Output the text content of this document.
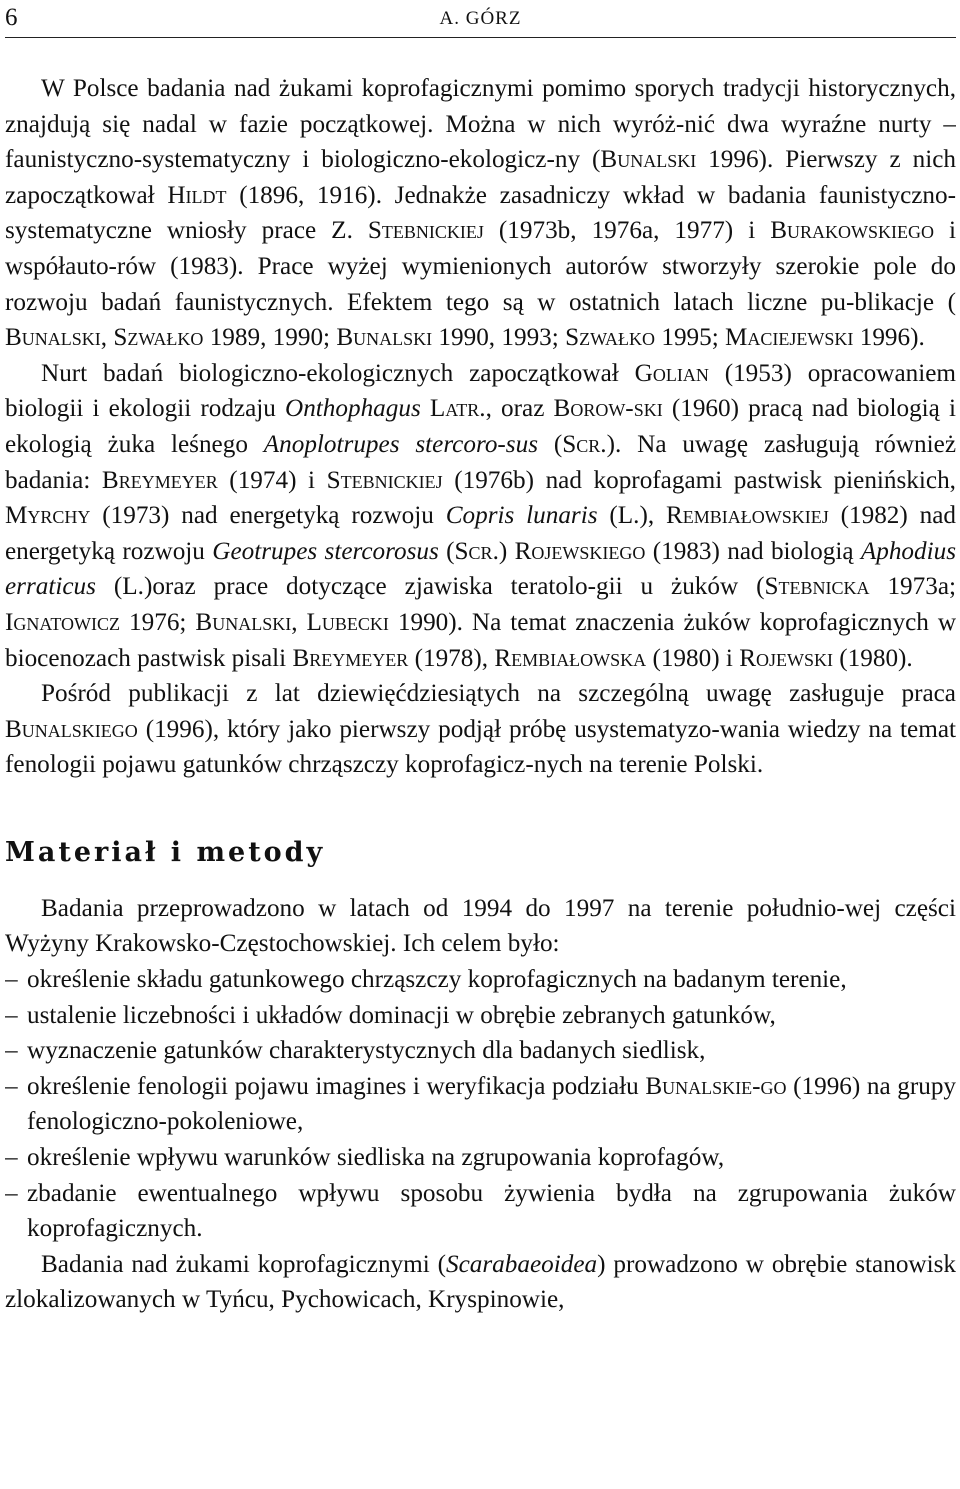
6	A. GÓRZ

W Polsce badania nad żukami koprofagicznymi pomimo sporych tradycji historycznych, znajdują się nadal w fazie początkowej. Można w nich wyróż-nić dwa wyraźne nurty – faunistyczno-systematyczny i biologiczno-ekologicz-ny (Bunalski 1996). Pierwszy z nich zapoczątkował Hildt (1896, 1916). Jednakże zasadniczy wkład w badania faunistyczno-systematyczne wniosły prace Z. Stebnickiej (1973b, 1976a, 1977) i Burakowskiego i współauto-rów (1983). Prace wyżej wymienionych autorów stworzyły szerokie pole do rozwoju badań faunistycznych. Efektem tego są w ostatnich latach liczne pu-blikacje ( Bunalski, Szwałko 1989, 1990; Bunalski 1990, 1993; Szwałko 1995; Maciejewski 1996).

Nurt badań biologiczno-ekologicznych zapoczątkował Golian (1953) opracowaniem biologii i ekologii rodzaju Onthophagus Latr., oraz Borow-ski (1960) pracą nad biologią i ekologią żuka leśnego Anoplotrupes stercoro-sus (Scr.). Na uwagę zasługują również badania: Breymeyer (1974) i Stebnickiej (1976b) nad koprofagami pastwisk pienińskich, Myrchy (1973) nad energetyką rozwoju Copris lunaris (L.), Rembiałowskiej (1982) nad energetyką rozwoju Geotrupes stercorosus (Scr.) Rojewskiego (1983) nad biologią Aphodius erraticus (L.)oraz prace dotyczące zjawiska teratolo-gii u żuków (Stebnicka 1973a; Ignatowicz 1976; Bunalski, Lubecki 1990). Na temat znaczenia żuków koprofagicznych w biocenozach pastwisk pisali Breymeyer (1978), Rembiałowska (1980) i Rojewski (1980).

Pośród publikacji z lat dziewięćdziesiątych na szczególną uwagę zasługuje praca Bunalskiego (1996), który jako pierwszy podjął próbę usystematyzo-wania wiedzy na temat fenologii pojawu gatunków chrząszczy koprofagicz-nych na terenie Polski.

Materiał i metody

Badania przeprowadzono w latach od 1994 do 1997 na terenie południo-wej części Wyżyny Krakowsko-Częstochowskiej. Ich celem było:

– określenie składu gatunkowego chrząszczy koprofagicznych na badanym terenie,
– ustalenie liczebności i układów dominacji w obrębie zebranych gatunków,
– wyznaczenie gatunków charakterystycznych dla badanych siedlisk,
– określenie fenologii pojawu imagines i weryfikacja podziału Bunalskie-go (1996) na grupy fenologiczno-pokoleniowe,
– określenie wpływu warunków siedliska na zgrupowania koprofagów,
– zbadanie ewentualnego wpływu sposobu żywienia bydła na zgrupowania żuków koprofagicznych.

Badania nad żukami koprofagicznymi (Scarabaeoidea) prowadzono w obrębie stanowisk zlokalizowanych w Tyńcu, Pychowicach, Kryspinowie,
